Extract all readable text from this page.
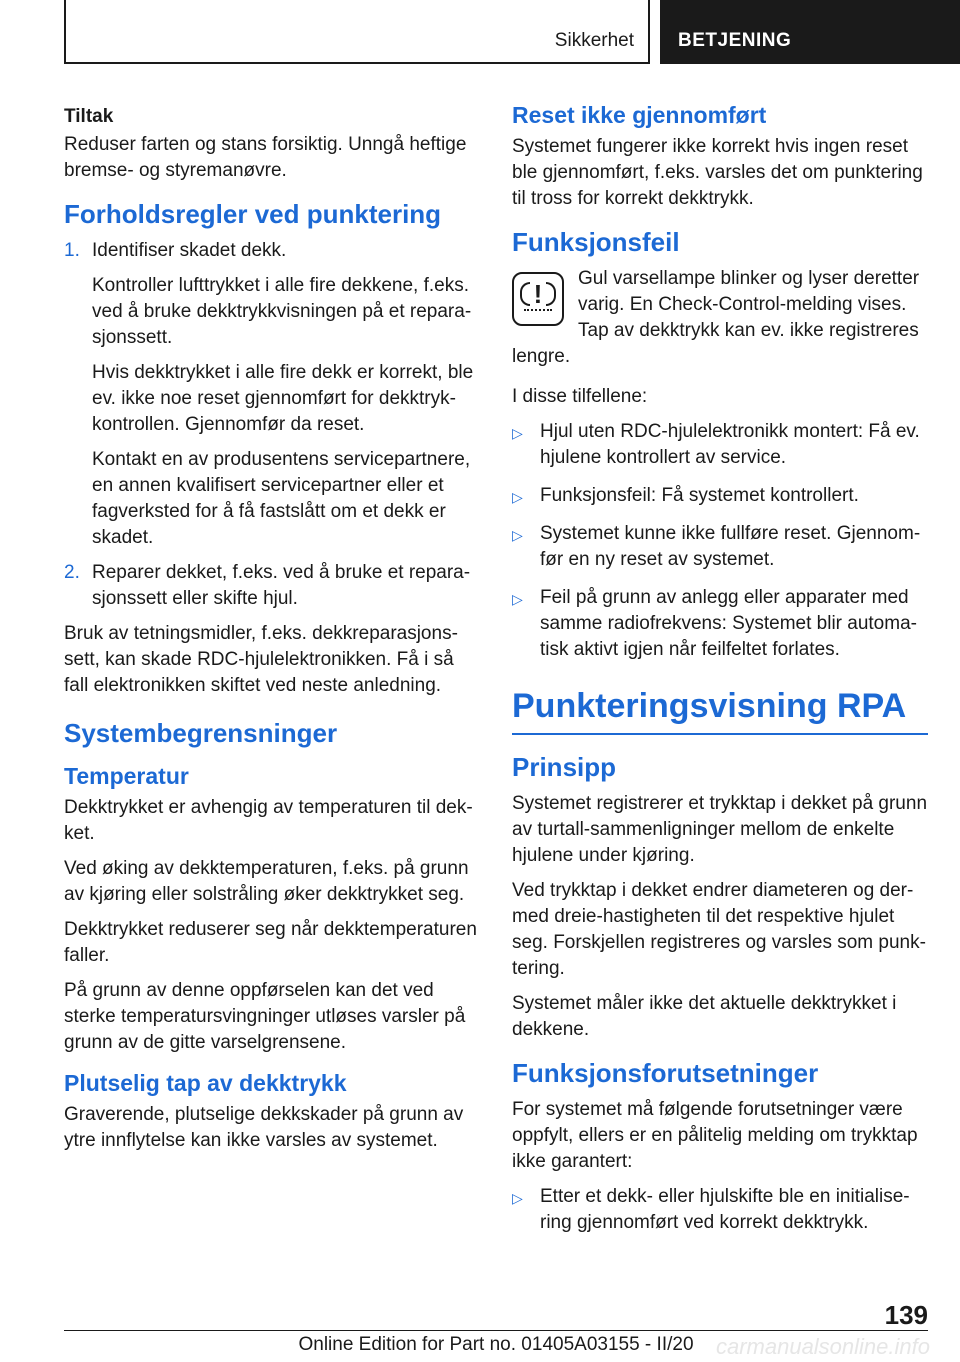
Sikkerhet BETJENING
Tiltak

Reduser farten og stans forsiktig. Unngå heftige bremse- og styremanøvre.

Forholdsregler ved punktering
1. Identifiser skadet dekk.

Kontroller lufttrykket i alle fire dekkene, f.eks. ved å bruke dekktrykkvisningen på et reparasjonssett.

Hvis dekktrykket i alle fire dekk er korrekt, ble ev. ikke noe reset gjennomført for dekktrykkontrollen. Gjennomfør da reset.

Kontakt en av produsentens servicepartnere, en annen kvalifisert servicepartner eller et fagverksted for å få fastslått om et dekk er skadet.

2. Reparer dekket, f.eks. ved å bruke et reparasjonssett eller skifte hjul.

Bruk av tetningsmidler, f.eks. dekkreparasjonssett, kan skade RDC-hjulelektronikken. Få i så fall elektronikken skiftet ved neste anledning.

Systembegrensninger
Temperatur

Dekktrykket er avhengig av temperaturen til dekket.

Ved øking av dekktemperaturen, f.eks. på grunn av kjøring eller solstråling øker dekktrykket seg.

Dekktrykket reduserer seg når dekktemperaturen faller.

På grunn av denne oppførselen kan det ved sterke temperatursvingninger utløses varsler på grunn av de gitte varselgrensene.

Plutselig tap av dekktrykk

Graverende, plutselige dekkskader på grunn av ytre innflytelse kan ikke varsles av systemet.

Reset ikke gjennomført

Systemet fungerer ikke korrekt hvis ingen reset ble gjennomført, f.eks. varsles det om punktering til tross for korrekt dekktrykk.

Funksjonsfeil
!
Gul varsellampe blinker og lyser deretter varig. En Check-Control-melding vises. Tap av dekktrykk kan ev. ikke registreres lengre.

I disse tilfellene:

▷ Hjul uten RDC-hjulelektronikk montert: Få ev. hjulene kontrollert av service.
▷ Funksjonsfeil: Få systemet kontrollert.
▷ Systemet kunne ikke fullføre reset. Gjennomfør en ny reset av systemet.
▷ Feil på grunn av anlegg eller apparater med samme radiofrekvens: Systemet blir automatisk aktivt igjen når feilfeltet forlates.
Punkteringsvisning RPA
Prinsipp

Systemet registrerer et trykktap i dekket på grunn av turtall-sammenligninger mellom de enkelte hjulene under kjøring.

Ved trykktap i dekket endrer diameteren og dermed dreie-hastigheten til det respektive hjulet seg. Forskjellen registreres og varsles som punktering.

Systemet måler ikke det aktuelle dekktrykket i dekkene.

Funksjonsforutsetninger

For systemet må følgende forutsetninger være oppfylt, ellers er en pålitelig melding om trykktap ikke garantert:

▷ Etter et dekk- eller hjulskifte ble en initialisering gjennomført ved korrekt dekktrykk.
139
Online Edition for Part no. 01405A03155 - II/20	carmanualsonline.info
